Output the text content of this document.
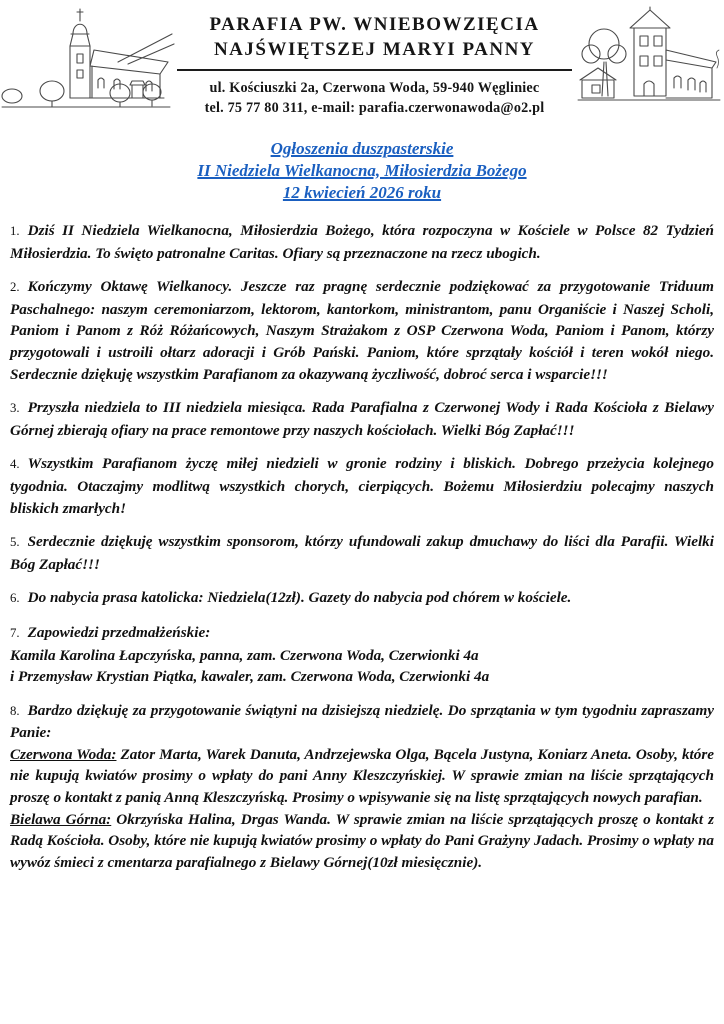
PARAFIA PW. WNIEBOWZIĘCIA
NAJŚWIĘTSZEJ MARYI PANNY
ul. Kościuszki 2a, Czerwona Woda, 59-940 Węgliniec
tel. 75 77 80 311, e-mail: parafia.czerwonawoda@o2.pl
Ogłoszenia duszpasterskie
II Niedziela Wielkanocna, Miłosierdzia Bożego
12 kwiecień 2026 roku

1. Dziś II Niedziela Wielkanocna, Miłosierdzia Bożego, która rozpoczyna w Kościele w Polsce 82 Tydzień Miłosierdzia. To święto patronalne Caritas. Ofiary są przeznaczone na rzecz ubogich.

2. Kończymy Oktawę Wielkanocy. Jeszcze raz pragnę serdecznie podziękować za przygotowanie Triduum Paschalnego: naszym ceremoniarzom, lektorom, kantorkom, ministrantom, panu Organiście i Naszej Scholi, Paniom i Panom z Róż Różańcowych, Naszym Strażakom z OSP Czerwona Woda, Paniom i Panom, którzy przygotowali i ustroili ołtarz adoracji i Grób Pański. Paniom, które sprzątały kościół i teren wokół niego. Serdecznie dziękuję wszystkim Parafianom za okazywaną życzliwość, dobroć serca i wsparcie!!!

3. Przyszła niedziela to III niedziela miesiąca. Rada Parafialna z Czerwonej Wody i Rada Kościoła z Bielawy Górnej zbierają ofiary na prace remontowe przy naszych kościołach. Wielki Bóg Zapłać!!!

4. Wszystkim Parafianom życzę miłej niedzieli w gronie rodziny i bliskich. Dobrego przeżycia kolejnego tygodnia. Otaczajmy modlitwą wszystkich chorych, cierpiących. Bożemu Miłosierdziu polecajmy naszych bliskich zmarłych!

5. Serdecznie dziękuję wszystkim sponsorom, którzy ufundowali zakup dmuchawy do liści dla Parafii. Wielki Bóg Zapłać!!!

6. Do nabycia prasa katolicka: Niedziela(12zł). Gazety do nabycia pod chórem w kościele.

7. Zapowiedzi przedmałżeńskie:

Kamila Karolina Łapczyńska, panna, zam. Czerwona Woda, Czerwionki 4a

i Przemysław Krystian Piątka, kawaler, zam. Czerwona Woda, Czerwionki 4a

8. Bardzo dziękuję za przygotowanie świątyni na dzisiejszą niedzielę. Do sprzątania w tym tygodniu zapraszamy Panie:

Czerwona Woda: Zator Marta, Warek Danuta, Andrzejewska Olga, Bącela Justyna, Koniarz Aneta. Osoby, które nie kupują kwiatów prosimy o wpłaty do pani Anny Kleszczyńskiej. W sprawie zmian na liście sprzątających proszę o kontakt z panią Anną Kleszczyńską. Prosimy o wpisywanie się na listę sprzątających nowych parafian.

Bielawa Górna: Okrzyńska Halina, Drgas Wanda. W sprawie zmian na liście sprzątających proszę o kontakt z Radą Kościoła. Osoby, które nie kupują kwiatów prosimy o wpłaty do Pani Grażyny Jadach. Prosimy o wpłaty na wywóz śmieci z cmentarza parafialnego z Bielawy Górnej(10zł miesięcznie).
